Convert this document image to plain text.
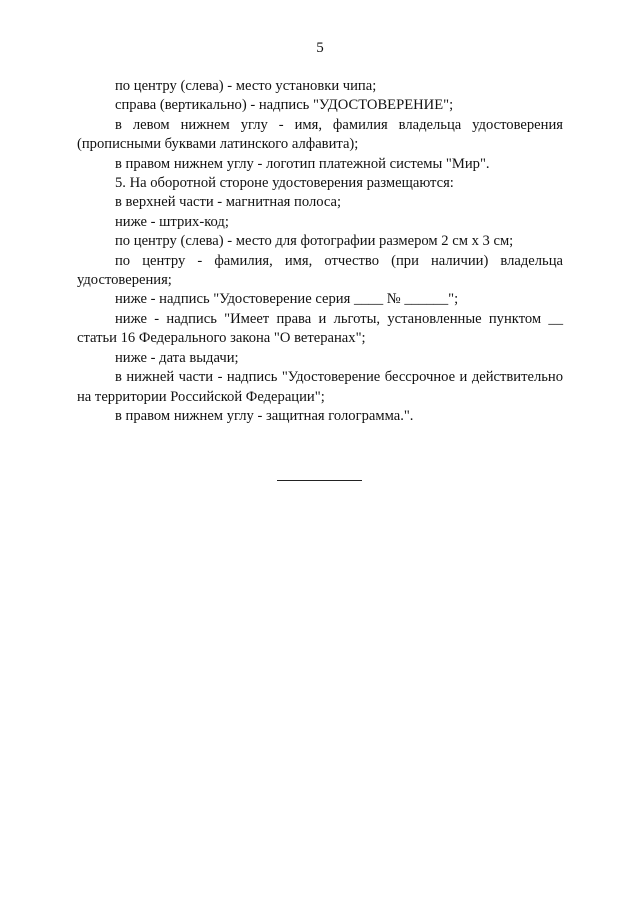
5

по центру (слева) - место установки чипа;

справа (вертикально) - надпись "УДОСТОВЕРЕНИЕ";

в левом нижнем углу - имя, фамилия владельца удостоверения (прописными буквами латинского алфавита);

в правом нижнем углу - логотип платежной системы "Мир".

5. На оборотной стороне удостоверения размещаются:

в верхней части - магнитная полоса;

ниже - штрих-код;

по центру (слева) - место для фотографии размером 2 см х 3 см;

по центру - фамилия, имя, отчество (при наличии) владельца удостоверения;

ниже - надпись "Удостоверение серия ____ № ______";

ниже - надпись "Имеет права и льготы, установленные пунктом __ статьи 16 Федерального закона "О ветеранах";

ниже - дата выдачи;

в нижней части - надпись "Удостоверение бессрочное и действительно на территории Российской Федерации";

в правом нижнем углу - защитная голограмма.".
